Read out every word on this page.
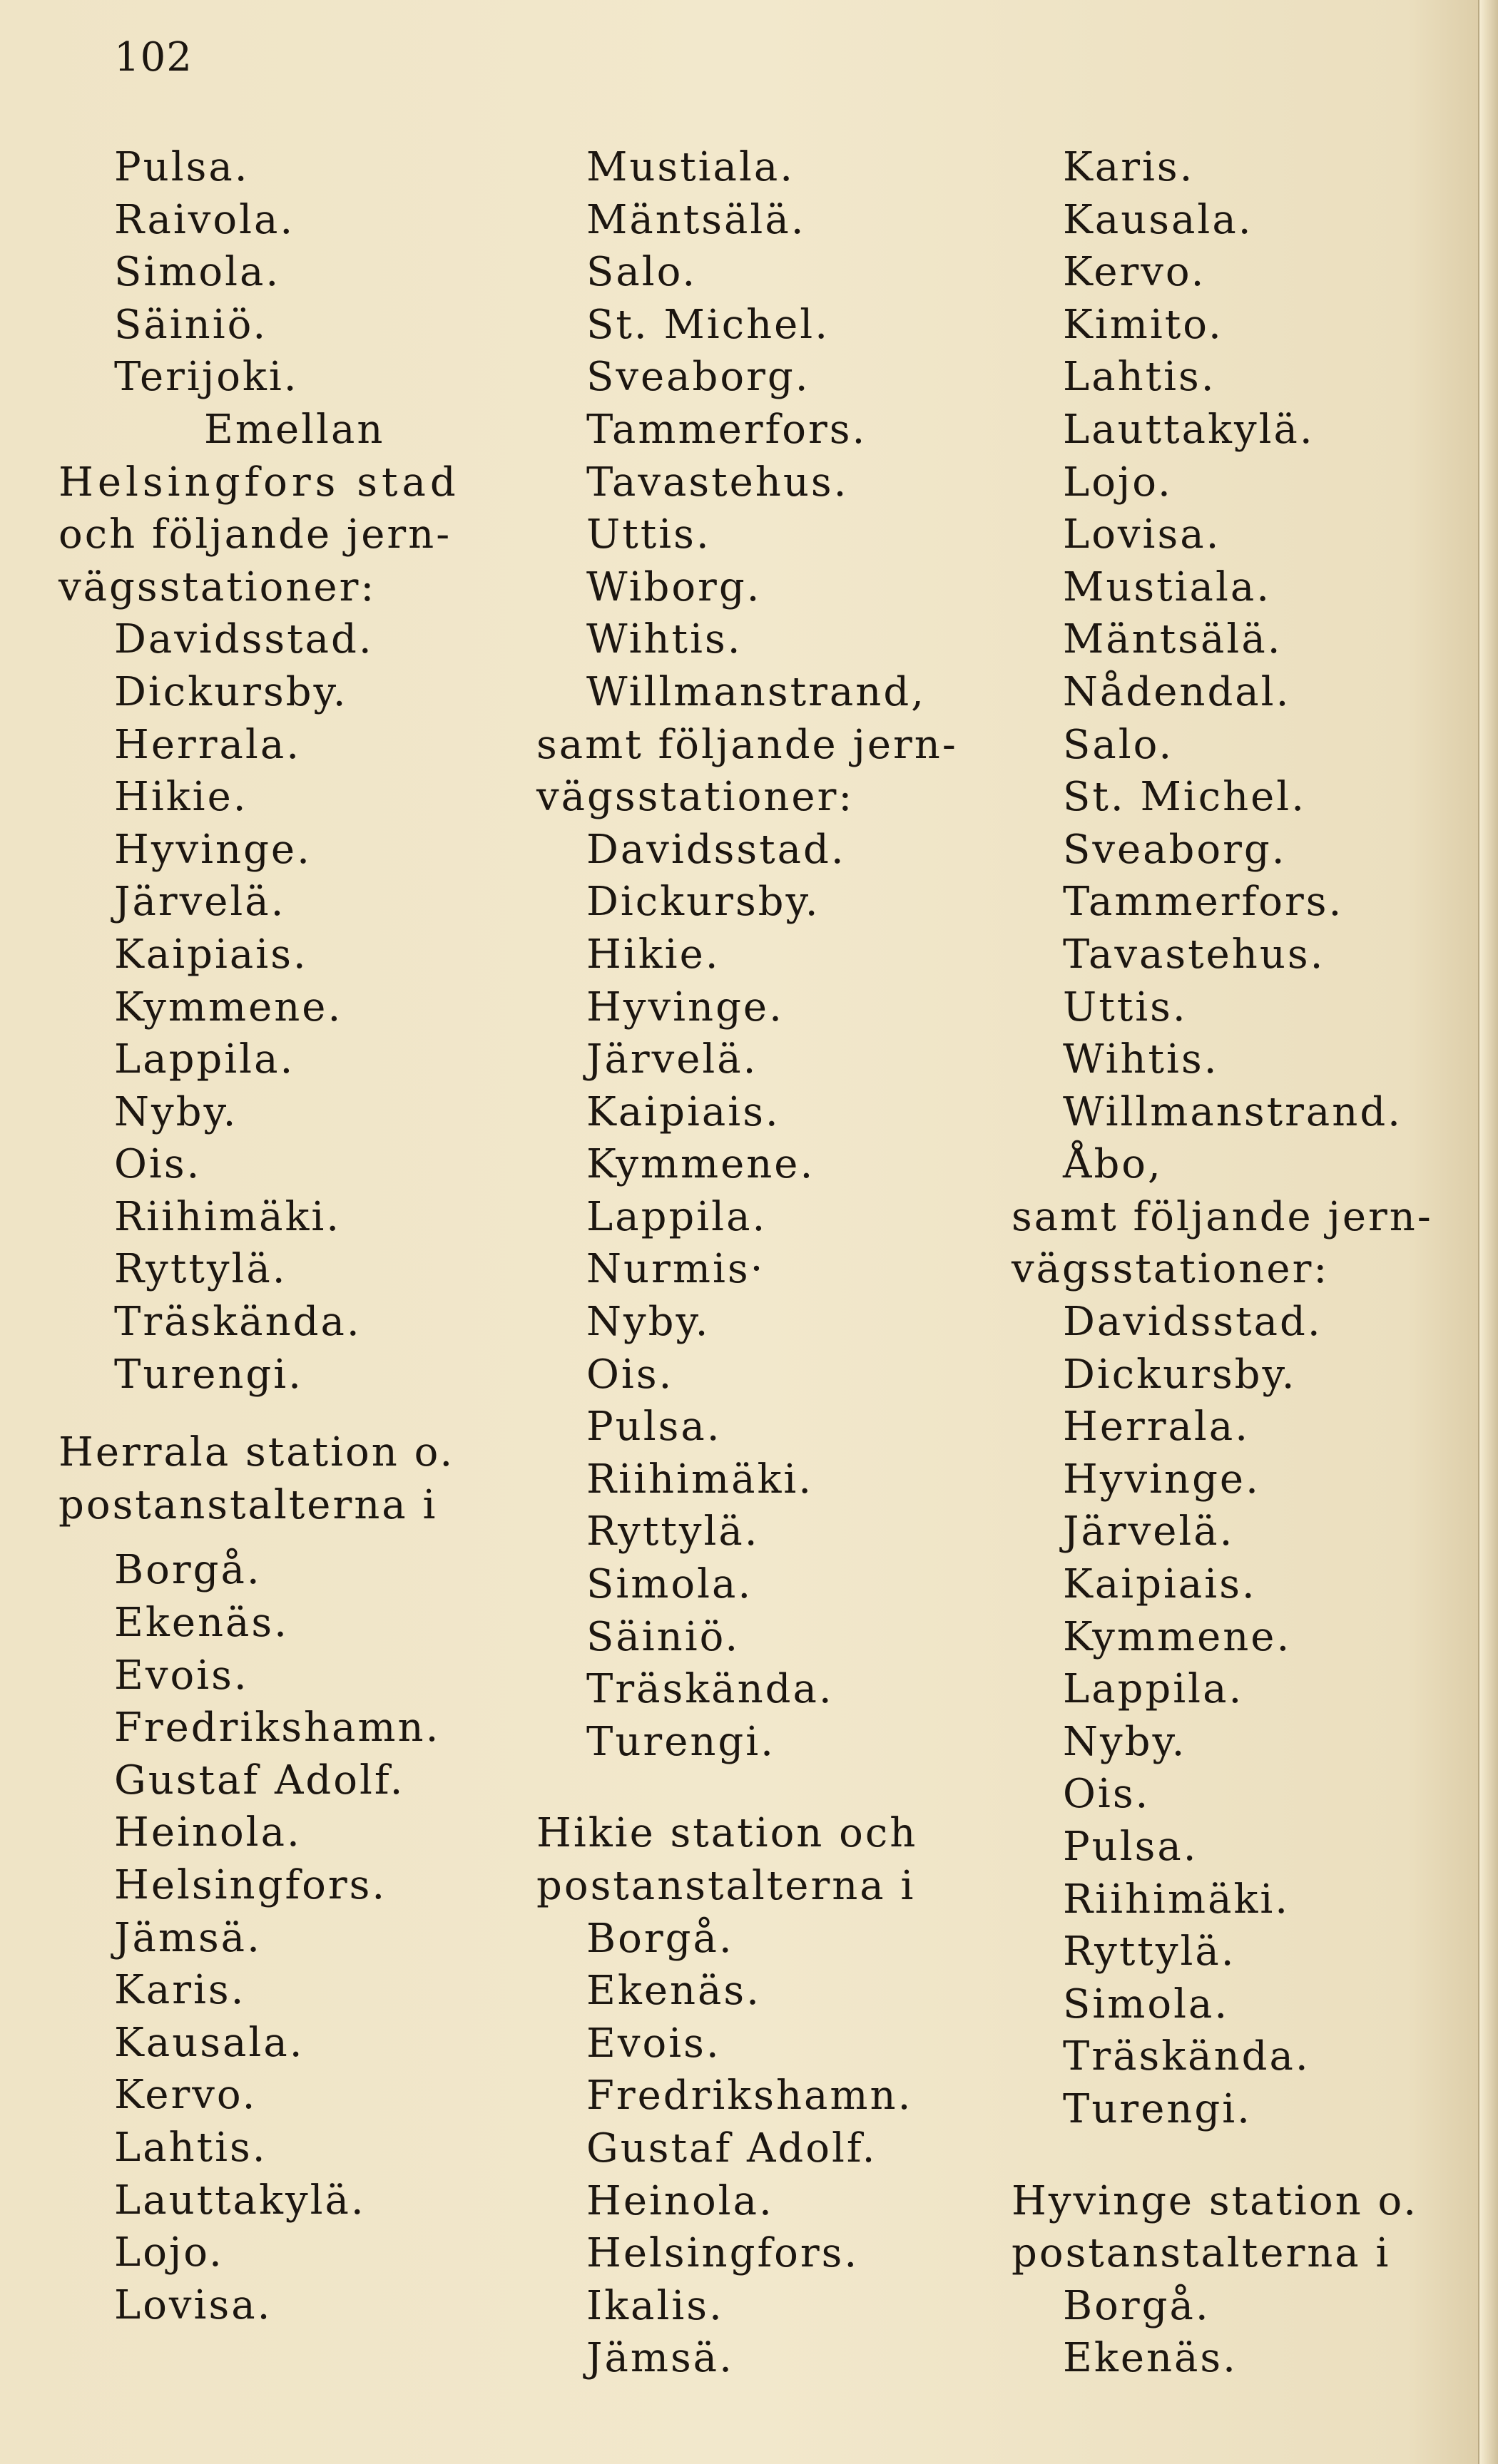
102
Pulsa.
Raivola.
Simola.
Säiniö.
Terijoki.
Emellan
Helsingfors stad
och följande jern-
vägsstationer:
Davidsstad.
Dickursby.
Herrala.
Hikie.
Hyvinge.
Järvelä.
Kaipiais.
Kymmene.
Lappila.
Nyby.
Ois.
Riihimäki.
Ryttylä.
Träskända.
Turengi.
Herrala station o.
postanstalterna i
Borgå.
Ekenäs.
Evois.
Fredrikshamn.
Gustaf Adolf.
Heinola.
Helsingfors.
Jämsä.
Karis.
Kausala.
Kervo.
Lahtis.
Lauttakylä.
Lojo.
Lovisa.
Mustiala.
Mäntsälä.
Salo.
St. Michel.
Sveaborg.
Tammerfors.
Tavastehus.
Uttis.
Wiborg.
Wihtis.
Willmanstrand,
samt följande jern-
vägsstationer:
Davidsstad.
Dickursby.
Hikie.
Hyvinge.
Järvelä.
Kaipiais.
Kymmene.
Lappila.
Nurmis·
Nyby.
Ois.
Pulsa.
Riihimäki.
Ryttylä.
Simola.
Säiniö.
Träskända.
Turengi.
Hikie station och
postanstalterna i
Borgå.
Ekenäs.
Evois.
Fredrikshamn.
Gustaf Adolf.
Heinola.
Helsingfors.
Ikalis.
Jämsä.
Karis.
Kausala.
Kervo.
Kimito.
Lahtis.
Lauttakylä.
Lojo.
Lovisa.
Mustiala.
Mäntsälä.
Nådendal.
Salo.
St. Michel.
Sveaborg.
Tammerfors.
Tavastehus.
Uttis.
Wihtis.
Willmanstrand.
Åbo,
samt följande jern-
vägsstationer:
Davidsstad.
Dickursby.
Herrala.
Hyvinge.
Järvelä.
Kaipiais.
Kymmene.
Lappila.
Nyby.
Ois.
Pulsa.
Riihimäki.
Ryttylä.
Simola.
Träskända.
Turengi.
Hyvinge station o.
postanstalterna i
Borgå.
Ekenäs.
